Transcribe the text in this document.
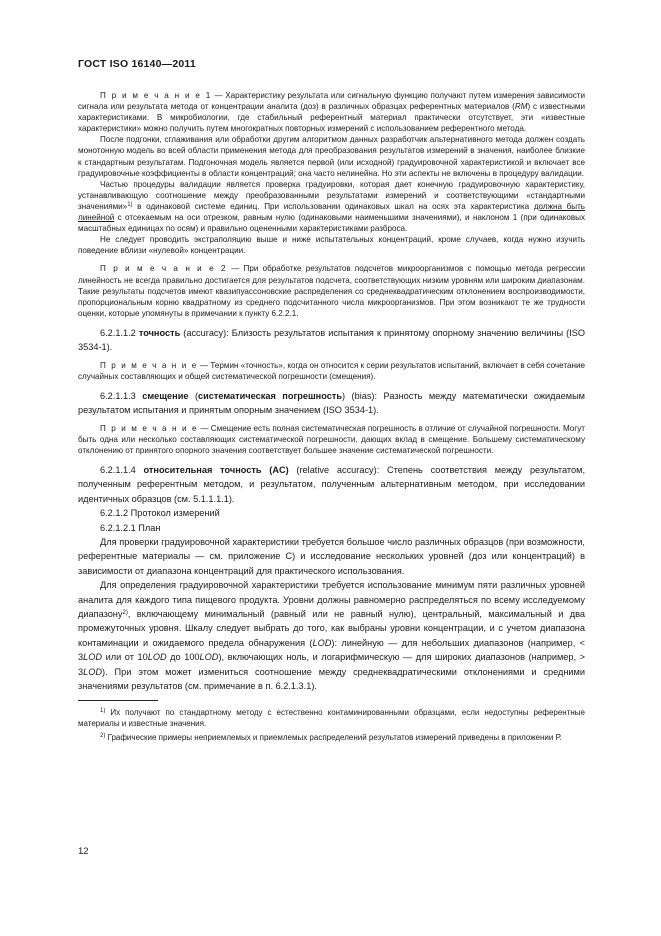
ГОСТ ISO 16140—2011

П р и м е ч а н и е 1 — Характеристику результата или сигнальную функцию получают путем измерения зависимости сигнала или результата метода от концентрации аналита (доз) в различных образцах референтных материалов (RM) с известными характеристиками. В микробиологии, где стабильный референтный материал практически отсутствует, эти «известные характеристики» можно получить путем многократных повторных измерений с использованием референтного метода.

После подгонки, сглаживания или обработки другим алгоритмом данных разработчик альтернативного метода должен создать монотонную модель во всей области применения метода для преобразования результатов измерений в значения, наиболее близкие к стандартным результатам. Подгоночная модель является первой (или исходной) градуировочной характеристикой и включает все градуировочные коэффициенты в области концентраций; она часто нелинейна. Но эти аспекты не включены в процедуру валидации.

Частью процедуры валидации является проверка градуировки, которая дает конечную градуировочную характеристику, устанавливающую соотношение между преобразованными результатами измерений и соответствующими «стандартными значениями»$^{1)}$ в одинаковой системе единиц. При использовании одинаковых шкал на осях эта характеристика должна быть линейной с отсекаемым на оси отрезком, равным нулю (одинаковыми наименьшими значениями), и наклоном 1 (при одинаковых масштабных единицах по осям) и правильно оцененными характеристиками разброса.

Не следует проводить экстраполяцию выше и ниже испытательных концентраций, кроме случаев, когда нужно изучить поведение вблизи «нулевой» концентрации.

П р и м е ч а н и е 2 — При обработке результатов подсчетов микроорганизмов с помощью метода регрессии линейность не всегда правильно достигается для результатов подсчета, соответствующих низким уровням или широким диапазонам. Такие результаты подсчетов имеют квазипуассоновские распределения со среднеквадратическим отклонением воспроизводимости, пропорциональным корню квадратному из среднего подсчитанного числа микроорганизмов. При этом возникают те же трудности оценки, которые упомянуты в примечании к пункту 6.2.2.1.

6.2.1.1.2 точность (accuracy): Близость результатов испытания к принятому опорному значению величины (ISO 3534-1).

П р и м е ч а н и е — Термин «точность», когда он относится к серии результатов испытаний, включает в себя сочетание случайных составляющих и общей систематической погрешности (смещения).

6.2.1.1.3 смещение (систематическая погрешность) (bias): Разность между математически ожидаемым результатом испытания и принятым опорным значением (ISO 3534-1).

П р и м е ч а н и е — Смещение есть полная систематическая погрешность в отличие от случайной погрешности. Могут быть одна или несколько составляющих систематической погрешности, дающих вклад в смещение. Большему систематическому отклонению от принятого опорного значения соответствует большее значение систематической погрешности.

6.2.1.1.4 относительная точность (AC) (relative accuracy): Степень соответствия между результатом, полученным референтным методом, и результатом, полученным альтернативным методом, при исследовании идентичных образцов (см. 5.1.1.1.1).

6.2.1.2 Протокол измерений

6.2.1.2.1 План

Для проверки градуировочной характеристики требуется большое число различных образцов (при возможности, референтные материалы — см. приложение С) и исследование нескольких уровней (доз или концентраций) в зависимости от диапазона концентраций для практического использования.

Для определения градуировочной характеристики требуется использование минимум пяти различных уровней аналита для каждого типа пищевого продукта. Уровни должны равномерно распределяться по всему исследуемому диапазону$^{2)}$, включающему минимальный (равный или не равный нулю), центральный, максимальный и два промежуточных уровня. Шкалу следует выбрать до того, как выбраны уровни концентрации, и с учетом диапазона контаминации и ожидаемого предела обнаружения (LOD): линейную — для небольших диапазонов (например, < 3LOD или от 10LOD до 100LOD), включающих ноль, и логарифмическую — для широких диапазонов (например, > 3LOD). При этом может измениться соотношение между среднеквадратическими отклонениями и средними значениями результатов (см. примечание в п. 6.2.1.3.1).

$^{1)}$ Их получают по стандартному методу с естественно контаминированными образцами, если недоступны референтные материалы и известные значения.

$^{2)}$ Графические примеры неприемлемых и приемлемых распределений результатов измерений приведены в приложении Р.

12
